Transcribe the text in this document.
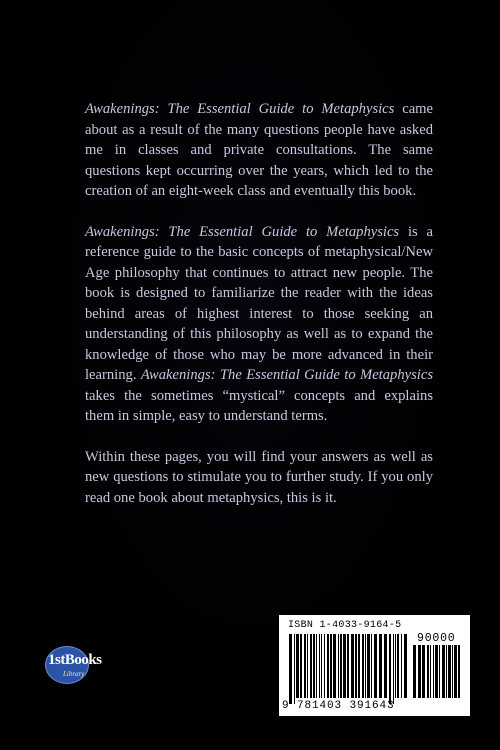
Awakenings: The Essential Guide to Metaphysics came about as a result of the many questions people have asked me in classes and private consultations. The same questions kept occurring over the years, which led to the creation of an eight-week class and eventually this book.

Awakenings: The Essential Guide to Metaphysics is a reference guide to the basic concepts of metaphysical/New Age philosophy that continues to attract new people. The book is designed to familiarize the reader with the ideas behind areas of highest interest to those seeking an understanding of this philosophy as well as to expand the knowledge of those who may be more advanced in their learning. Awakenings: The Essential Guide to Metaphysics takes the sometimes “mystical” concepts and explains them in simple, easy to understand terms.

Within these pages, you will find your answers as well as new questions to stimulate you to further study. If you only read one book about metaphysics, this is it.

1stBooks
Library
ISBN 1-4033-9164-5
90000
9 781403 391643
